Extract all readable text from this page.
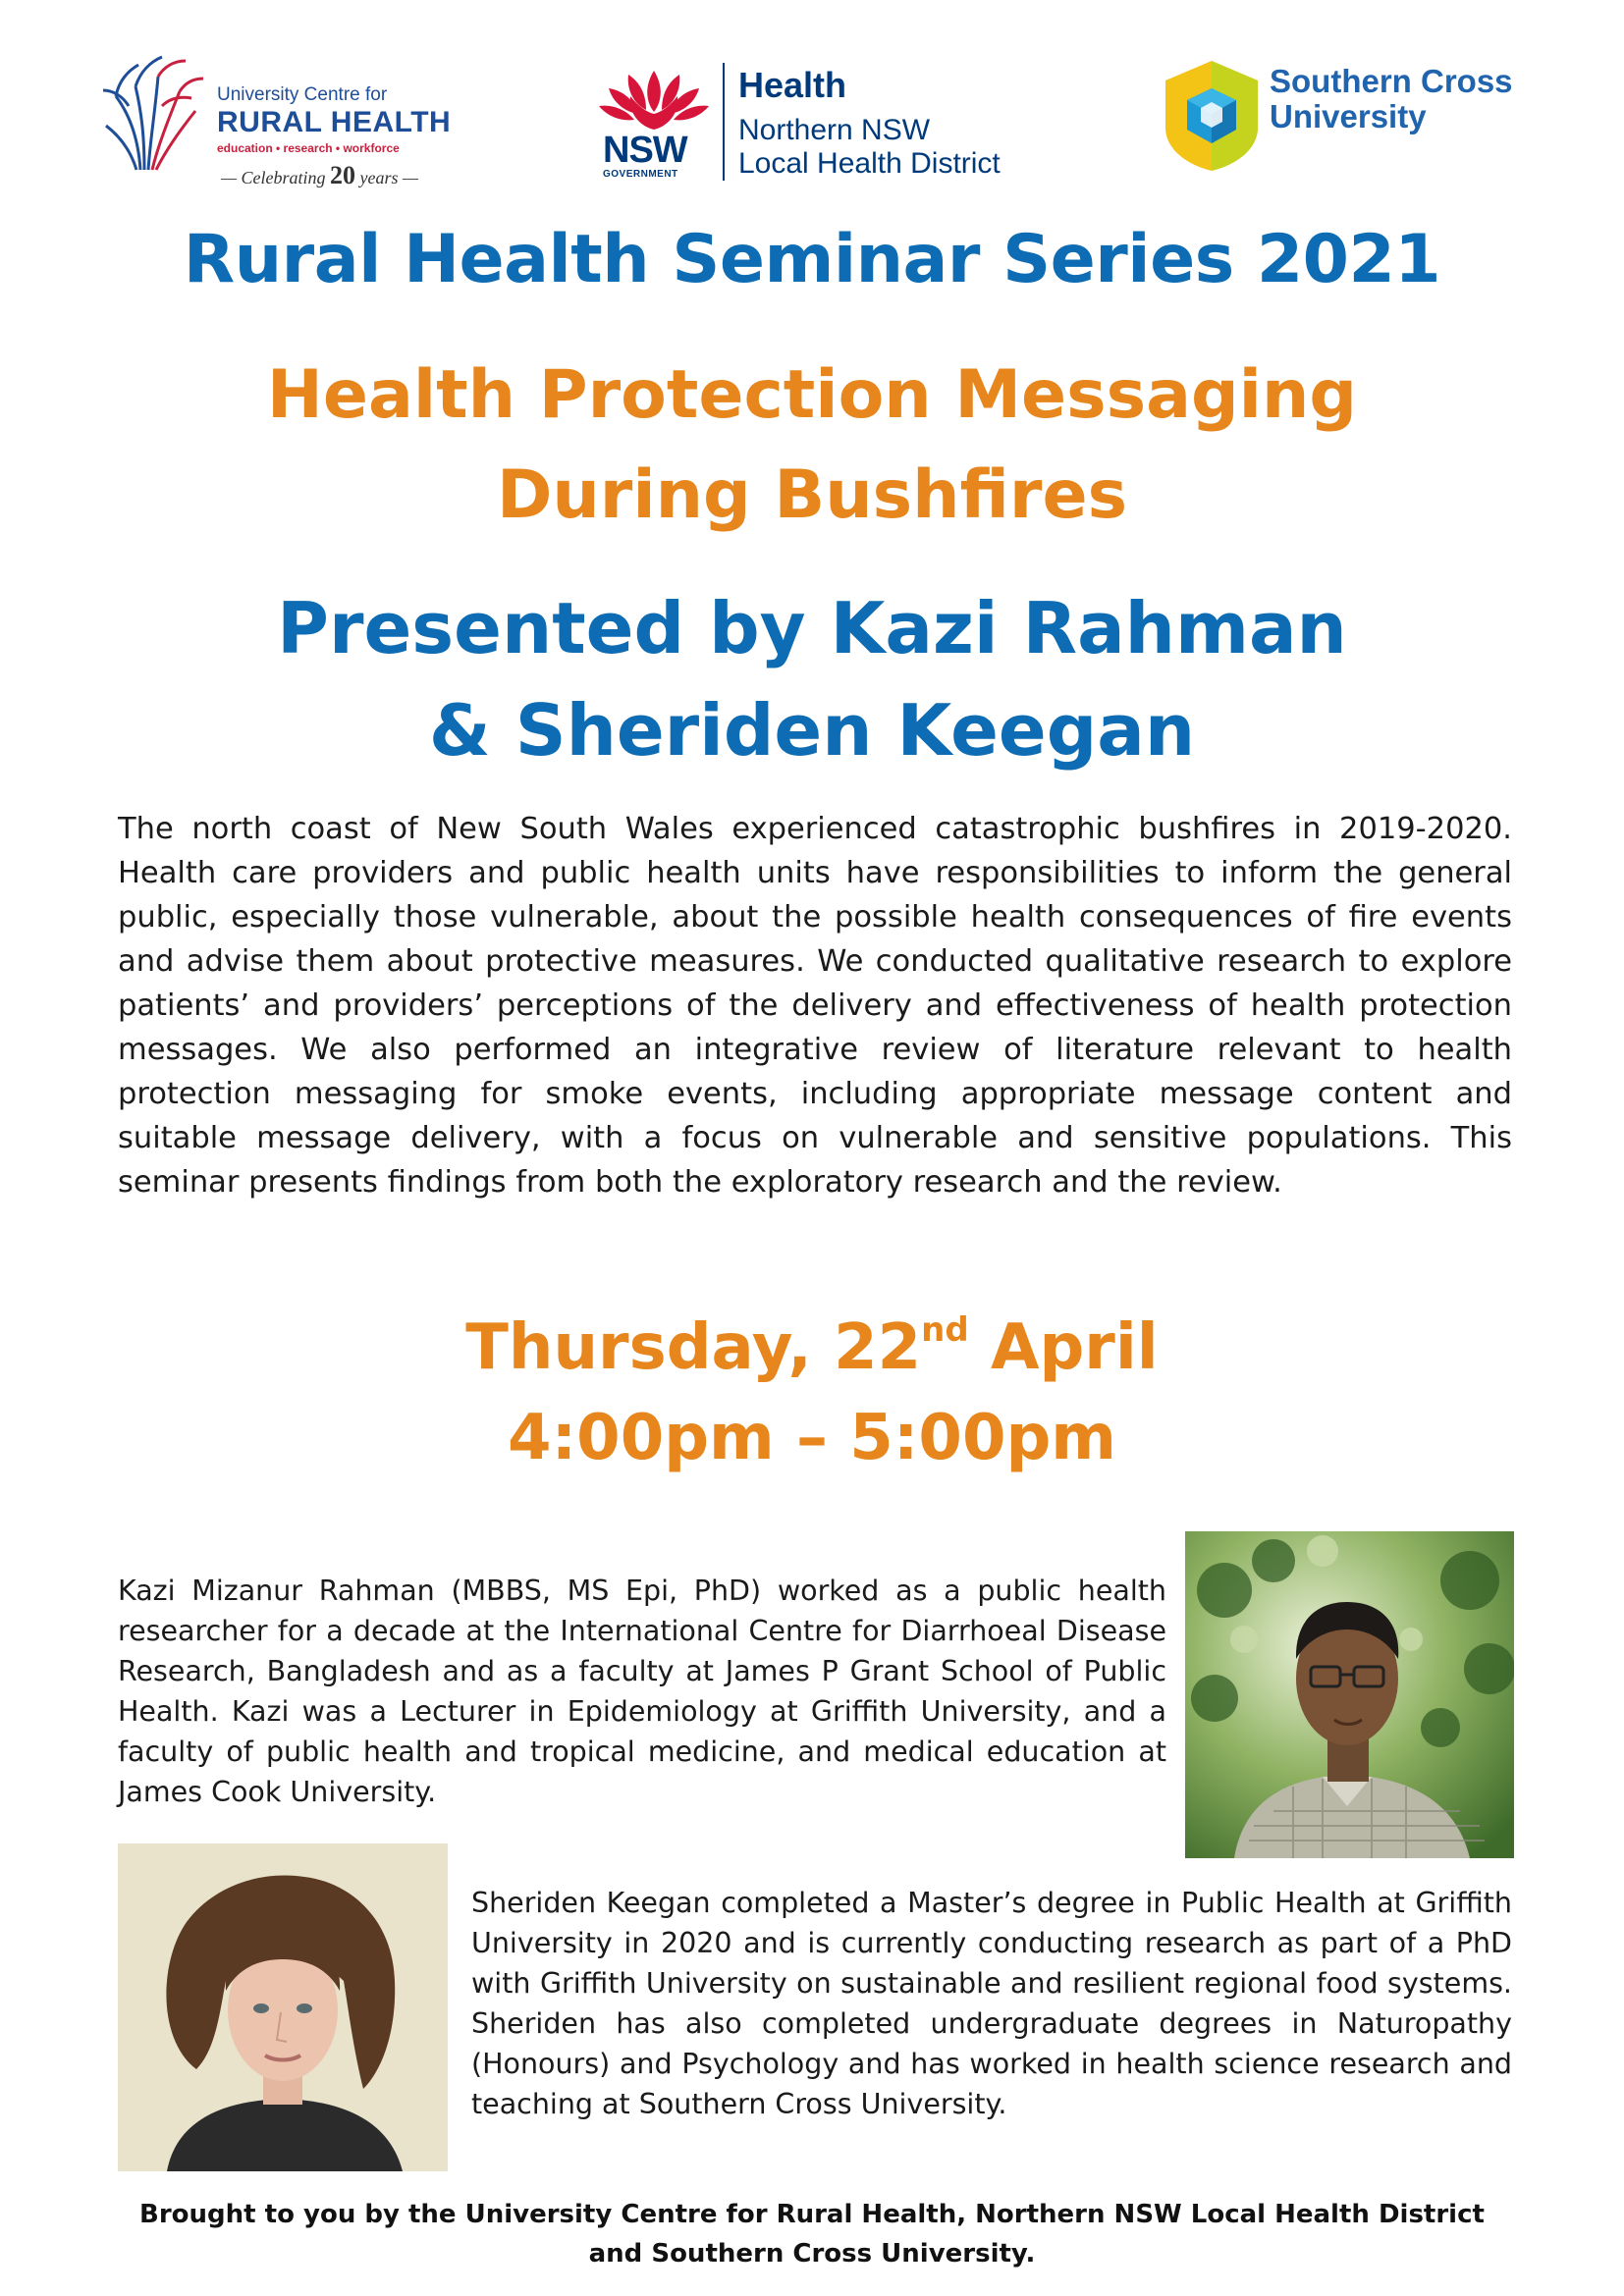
University Centre for
RURAL HEALTH
education • research • workforce
— Celebrating 20 years —
NSW
GOVERNMENT
Health
Northern NSW
Local Health District
Southern Cross
University
Rural Health Seminar Series 2021
Health Protection Messaging
During Bushfires
Presented by Kazi Rahman
& Sheriden Keegan
The north coast of New South Wales experienced catastrophic bushfires in 2019-2020. Health care providers and public health units have responsibilities to inform the general public, especially those vulnerable, about the possible health consequences of fire events and advise them about protective measures. We conducted qualitative research to explore patients’ and providers’ perceptions of the delivery and effectiveness of health protection messages. We also performed an integrative review of literature relevant to health protection messaging for smoke events, including appropriate message content and suitable message delivery, with a focus on vulnerable and sensitive populations. This seminar presents findings from both the exploratory research and the review.
Thursday, 22nd April
4:00pm – 5:00pm
Kazi Mizanur Rahman (MBBS, MS Epi, PhD) worked as a public health researcher for a decade at the International Centre for Diarrhoeal Disease Research, Bangladesh and as a faculty at James P Grant School of Public Health. Kazi was a Lecturer in Epidemiology at Griffith University, and a faculty of public health and tropical medicine, and medical education at James Cook University.
Sheriden Keegan completed a Master’s degree in Public Health at Griffith University in 2020 and is currently conducting research as part of a PhD with Griffith University on sustainable and resilient regional food systems. Sheriden has also completed undergraduate degrees in Naturopathy (Honours) and Psychology and has worked in health science research and teaching at Southern Cross University.
Brought to you by the University Centre for Rural Health, Northern NSW Local Health District
and Southern Cross University.
